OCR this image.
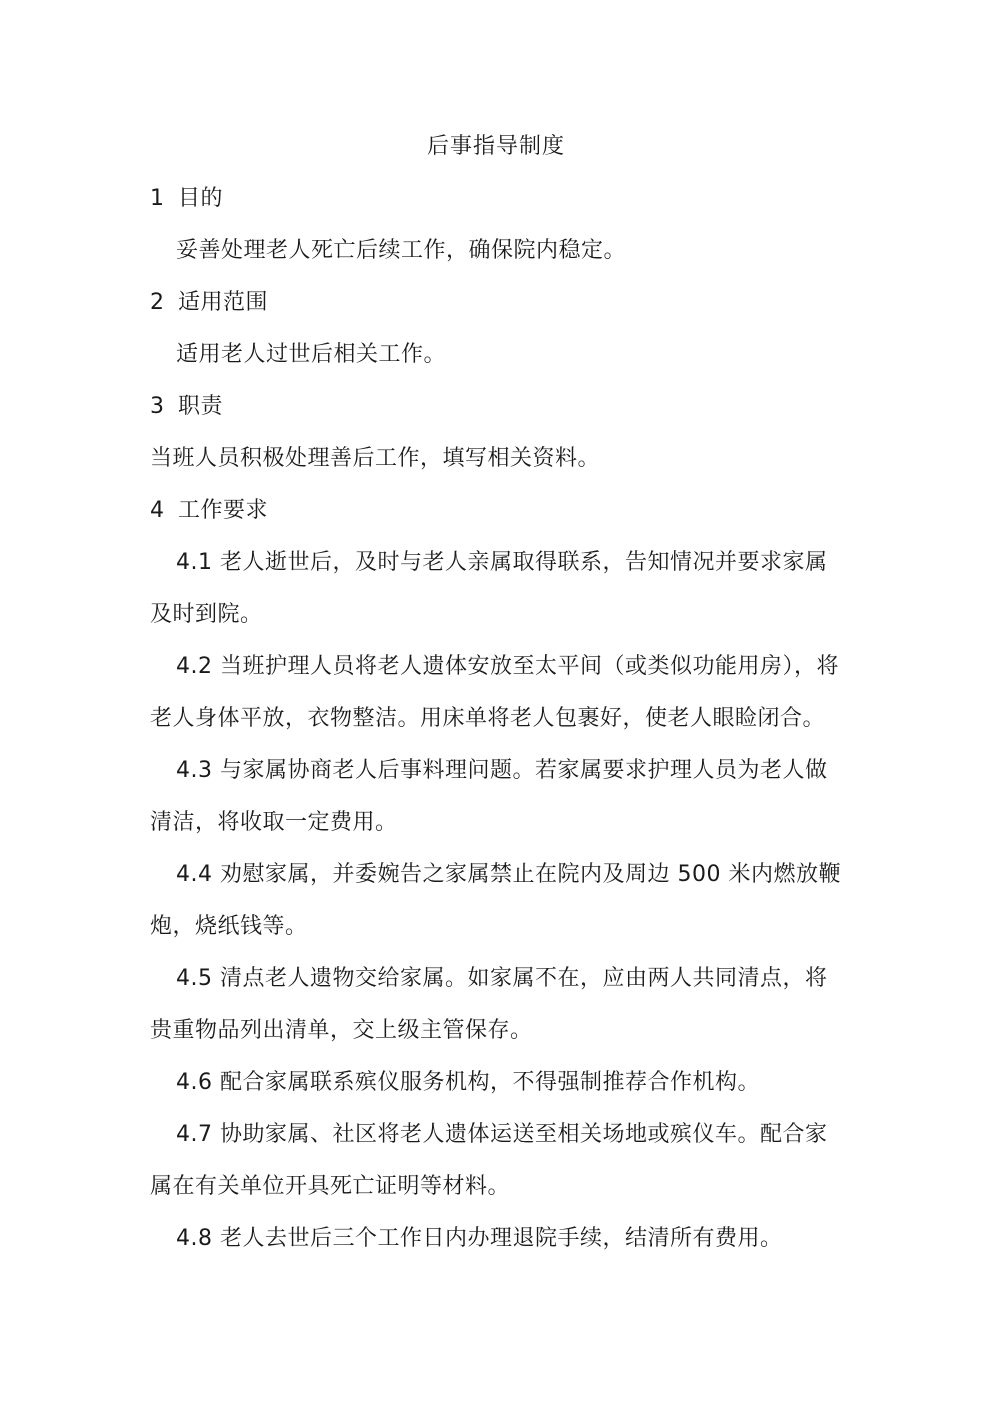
后事指导制度
1 目的
妥善处理老人死亡后续工作，确保院内稳定。
2 适用范围
适用老人过世后相关工作。
3 职责
当班人员积极处理善后工作，填写相关资料。
4 工作要求
4.1 老人逝世后，及时与老人亲属取得联系，告知情况并要求家属
及时到院。
4.2 当班护理人员将老人遗体安放至太平间（或类似功能用房），将
老人身体平放，衣物整洁。用床单将老人包裹好，使老人眼睑闭合。
4.3 与家属协商老人后事料理问题。若家属要求护理人员为老人做
清洁，将收取一定费用。
4.4 劝慰家属，并委婉告之家属禁止在院内及周边 500 米内燃放鞭
炮，烧纸钱等。
4.5 清点老人遗物交给家属。如家属不在，应由两人共同清点，将
贵重物品列出清单，交上级主管保存。
4.6 配合家属联系殡仪服务机构，不得强制推荐合作机构。
4.7 协助家属、社区将老人遗体运送至相关场地或殡仪车。配合家
属在有关单位开具死亡证明等材料。
4.8 老人去世后三个工作日内办理退院手续，结清所有费用。
